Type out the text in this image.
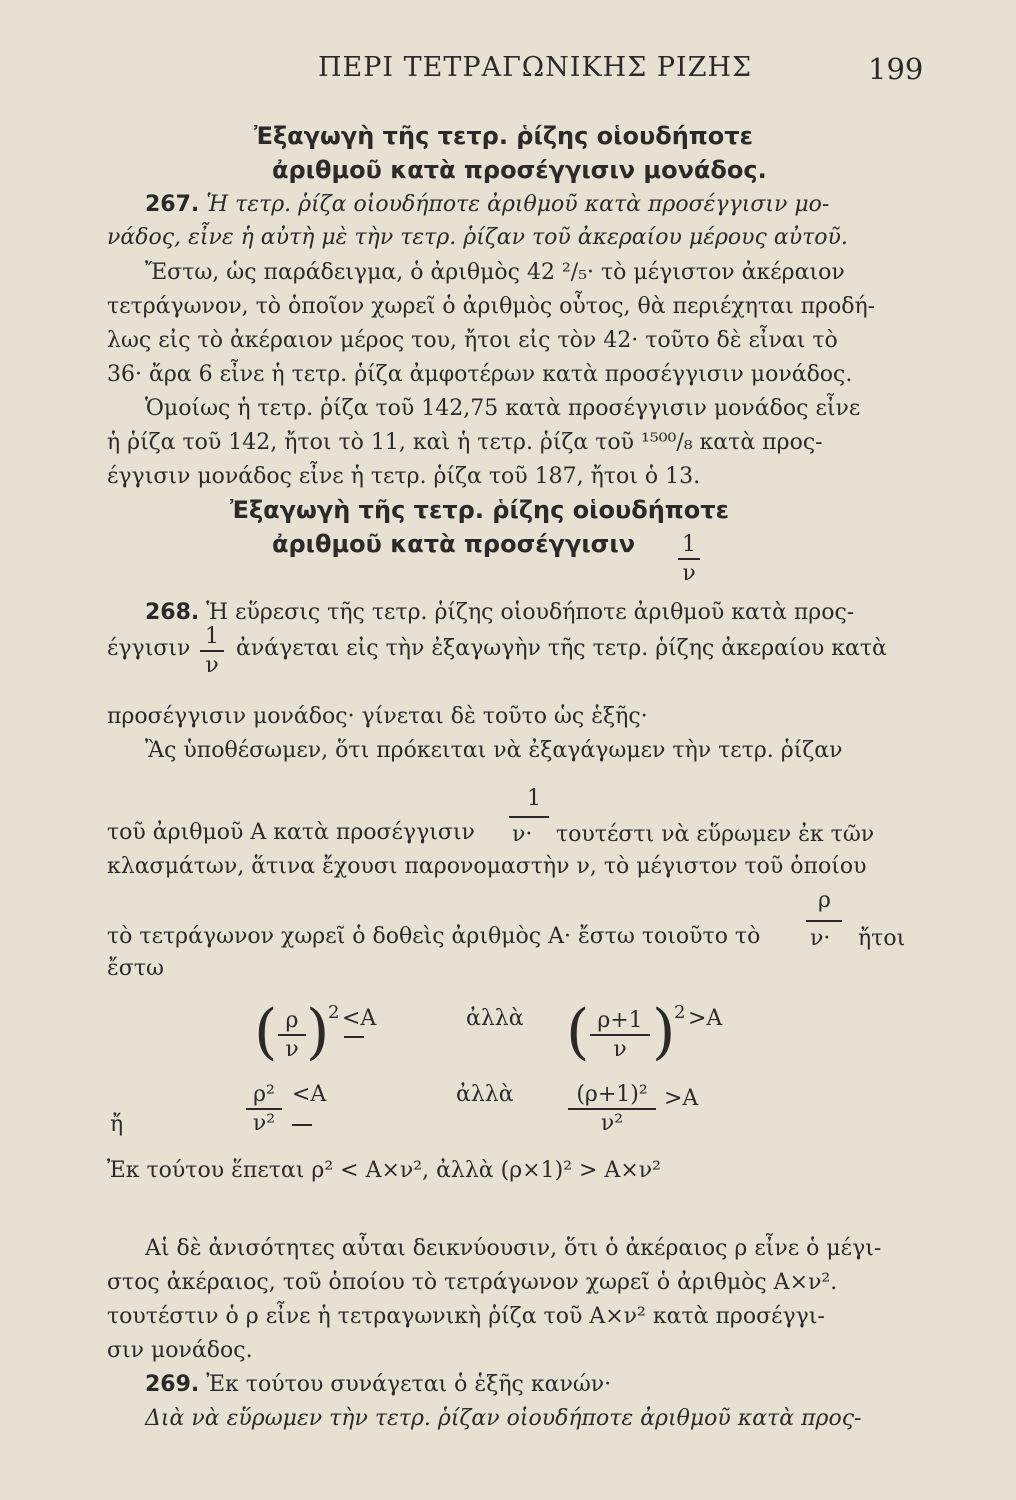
ΠΕΡΙ ΤΕΤΡΑΓΩΝΙΚΗΣ ΡΙΖΗΣ	199
Ἐξαγωγὴ τῆς τετρ. ῥίζης οἱουδήποτε
ἀριθμοῦ κατὰ προσέγγισιν μονάδος.
267. Ἡ τετρ. ῥίζα οἱουδήποτε ἀριθμοῦ κατὰ προσέγγισιν μο-
νάδος, εἶνε ἡ αὐτὴ μὲ τὴν τετρ. ῥίζαν τοῦ ἀκεραίου μέρους αὐτοῦ.
Ἔστω, ὡς παράδειγμα, ὁ ἀριθμὸς 42 ²/₅· τὸ μέγιστον ἀκέραιον
τετράγωνον, τὸ ὁποῖον χωρεῖ ὁ ἀριθμὸς οὗτος, θὰ περιέχηται προδή-
λως εἰς τὸ ἀκέραιον μέρος του, ἤτοι εἰς τὸν 42· τοῦτο δὲ εἶναι τὸ
36· ἄρα 6 εἶνε ἡ τετρ. ῥίζα ἀμφοτέρων κατὰ προσέγγισιν μονάδος.
Ὁμοίως ἡ τετρ. ῥίζα τοῦ 142,75 κατὰ προσέγγισιν μονάδος εἶνε
ἡ ῥίζα τοῦ 142, ἤτοι τὸ 11, καὶ ἡ τετρ. ῥίζα τοῦ ¹⁵⁰⁰/₈ κατὰ προς-
έγγισιν μονάδος εἶνε ἡ τετρ. ῥίζα τοῦ 187, ἤτοι ὁ 13.
Ἐξαγωγὴ τῆς τετρ. ῥίζης οἱουδήποτε
ἀριθμοῦ κατὰ προσέγγισιν 1
ν
268. Ἡ εὕρεσις τῆς τετρ. ῥίζης οἱουδήποτε ἀριθμοῦ κατὰ προς-
έγγισιν 1
ν
ἀνάγεται εἰς τὴν ἐξαγωγὴν τῆς τετρ. ῥίζης ἀκεραίου κατὰ
προσέγγισιν μονάδος· γίνεται δὲ τοῦτο ὡς ἑξῆς·
Ἂς ὑποθέσωμεν, ὅτι πρόκειται νὰ ἐξαγάγωμεν τὴν τετρ. ῥίζαν
1
τοῦ ἀριθμοῦ Α κατὰ προσέγγισιν ν· τουτέστι νὰ εὕρωμεν ἐκ τῶν
κλασμάτων, ἅτινα ἔχουσι παρονομαστὴν ν, τὸ μέγιστον τοῦ ὁποίου
ρ
τὸ τετράγωνον χωρεῖ ὁ δοθεὶς ἀριθμὸς Α· ἔστω τοιοῦτο τὸ ν· ἤτοι
ἔστω
( ρ
ν )
2 <Α	ἀλλὰ ( ρ+1
ν )
2 >Α
ρ²
ν²
<Α	ἀλλὰ	(ρ+1)²
ν²
>Α
ἤ
Ἐκ τούτου ἕπεται ρ² < Α×ν², ἀλλὰ (ρ×1)² > Α×ν²
Αἱ δὲ ἀνισότητες αὗται δεικνύουσιν, ὅτι ὁ ἀκέραιος ρ εἶνε ὁ μέγι-
στος ἀκέραιος, τοῦ ὁποίου τὸ τετράγωνον χωρεῖ ὁ ἀριθμὸς Α×ν².
τουτέστιν ὁ ρ εἶνε ἡ τετραγωνικὴ ῥίζα τοῦ Α×ν² κατὰ προσέγγι-
σιν μονάδος.
269. Ἐκ τούτου συνάγεται ὁ ἑξῆς κανών·
Διὰ νὰ εὕρωμεν τὴν τετρ. ῥίζαν οἱουδήποτε ἀριθμοῦ κατὰ προς-
